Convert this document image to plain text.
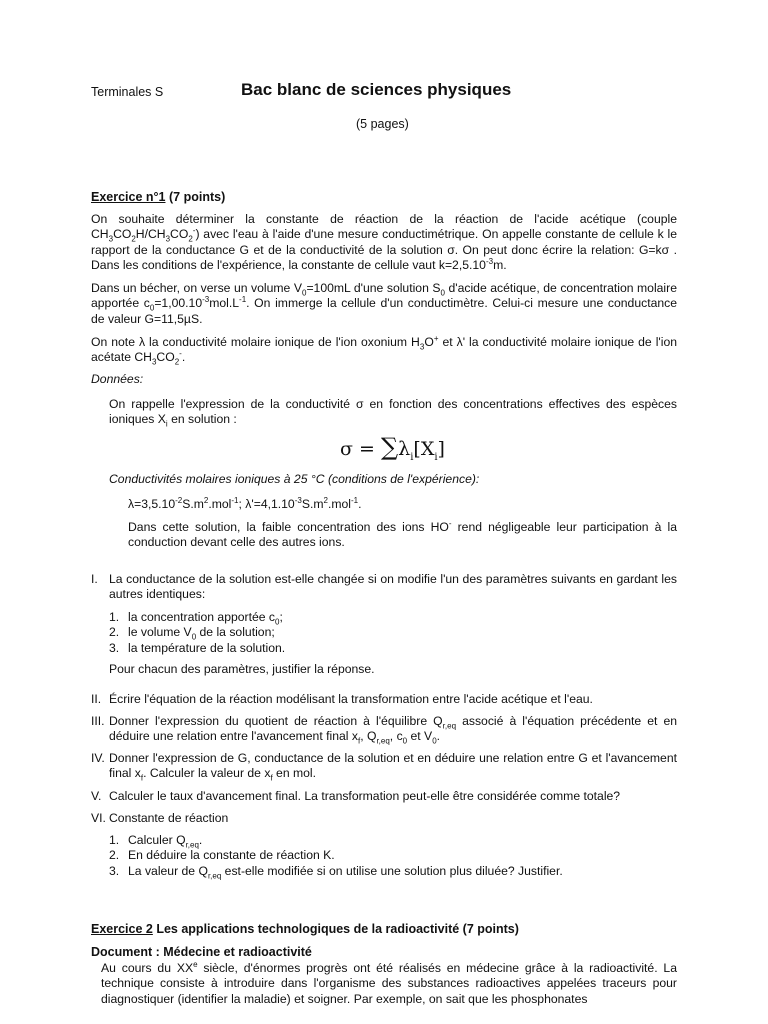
Terminales S	Bac blanc de sciences physiques
(5 pages)
Exercice n°1 (7 points)
On souhaite déterminer la constante de réaction de la réaction de l'acide acétique (couple $CH_3CO_2H/CH_3CO_2^-$) avec l'eau à l'aide d'une mesure conductimétrique. On appelle constante de cellule k le rapport de la conductance G et de la conductivité de la solution σ. On peut donc écrire la relation: G=kσ . Dans les conditions de l'expérience, la constante de cellule vaut $k=2,5.10^{-3}m$.
Dans un bécher, on verse un volume $V_0=100mL$ d'une solution $S_0$ d'acide acétique, de concentration molaire apportée $c_0=1,00.10^{-3}mol.L^{-1}$. On immerge la cellule d'un conductimètre. Celui-ci mesure une conductance de valeur G=11,5µS.
On note λ la conductivité molaire ionique de l'ion oxonium $H_3O^+$ et λ' la conductivité molaire ionique de l'ion acétate $CH_3CO_2^-$.
Données:
On rappelle l'expression de la conductivité σ en fonction des concentrations effectives des espèces ioniques $X_i$ en solution :
$\sigma = \sum\lambda_i[X_i]$
Conductivités molaires ioniques à 25 °C (conditions de l'expérience):
$\lambda=3,5.10^{-2}S.m^2.mol^{-1}$; $\lambda'=4,1.10^{-3}S.m^2.mol^{-1}$.
Dans cette solution, la faible concentration des ions HO- rend négligeable leur participation à la conduction devant celle des autres ions.
I. La conductance de la solution est-elle changée si on modifie l'un des paramètres suivants en gardant les autres identiques:
1. la concentration apportée $c_0$;
2. le volume $V_0$ de la solution;
3. la température de la solution.
Pour chacun des paramètres, justifier la réponse.
II. Écrire l'équation de la réaction modélisant la transformation entre l'acide acétique et l'eau.
III. Donner l'expression du quotient de réaction à l'équilibre $Q_{r,eq}$ associé à l'équation précédente et en déduire une relation entre l'avancement final $x_f$, $Q_{r,eq}$, $c_0$ et $V_0$.
IV. Donner l'expression de G, conductance de la solution et en déduire une relation entre G et l'avancement final $x_f$. Calculer la valeur de $x_f$ en mol.
V. Calculer le taux d'avancement final. La transformation peut-elle être considérée comme totale?
VI. Constante de réaction
1. Calculer $Q_{r,eq}$.
2. En déduire la constante de réaction K.
3. La valeur de $Q_{r,eq}$ est-elle modifiée si on utilise une solution plus diluée? Justifier.
Exercice 2 Les applications technologiques de la radioactivité (7 points)
Document : Médecine et radioactivité
Au cours du XXe siècle, d'énormes progrès ont été réalisés en médecine grâce à la radioactivité. La technique consiste à introduire dans l'organisme des substances radioactives appelées traceurs pour diagnostiquer (identifier la maladie) et soigner. Par exemple, on sait que les phosphonates
